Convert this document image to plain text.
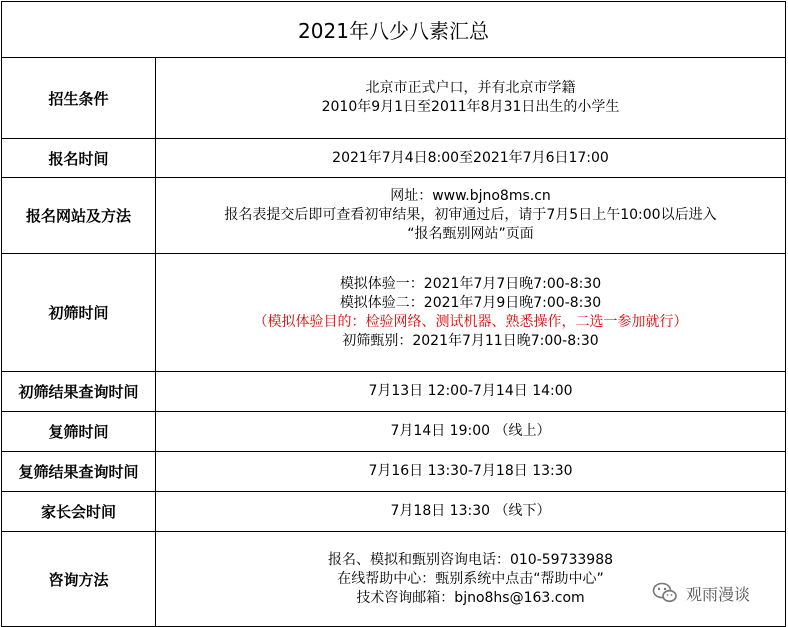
2021年八少八素汇总	
招生条件	北京市正式户口，并有北京市学籍
2010年9月1日至2011年8月31日出生的小学生

报名时间	2021年7月4日8:00至2021年7月6日17:00

报名网站及方法	网址：www.bjno8ms.cn
报名表提交后即可查看初审结果，初审通过后，请于7月5日上午10:00以后进入
“报名甄别网站”页面

初筛时间	模拟体验一：2021年7月7日晚7:00-8:30
模拟体验二：2021年7月9日晚7:00-8:30
（模拟体验目的：检验网络、测试机器、熟悉操作，二选一参加就行）
初筛甄别：2021年7月11日晚7:00-8:30

初筛结果查询时间	7月13日 12:00-7月14日 14:00

复筛时间	7月14日 19:00 （线上）

复筛结果查询时间	7月16日 13:30-7月18日 13:30

家长会时间	7月18日 13:30 （线下）

咨询方法	报名、模拟和甄别咨询电话：010-59733988
在线帮助中心：甄别系统中点击“帮助中心”
技术咨询邮箱：bjno8hs@163.com	观雨漫谈
